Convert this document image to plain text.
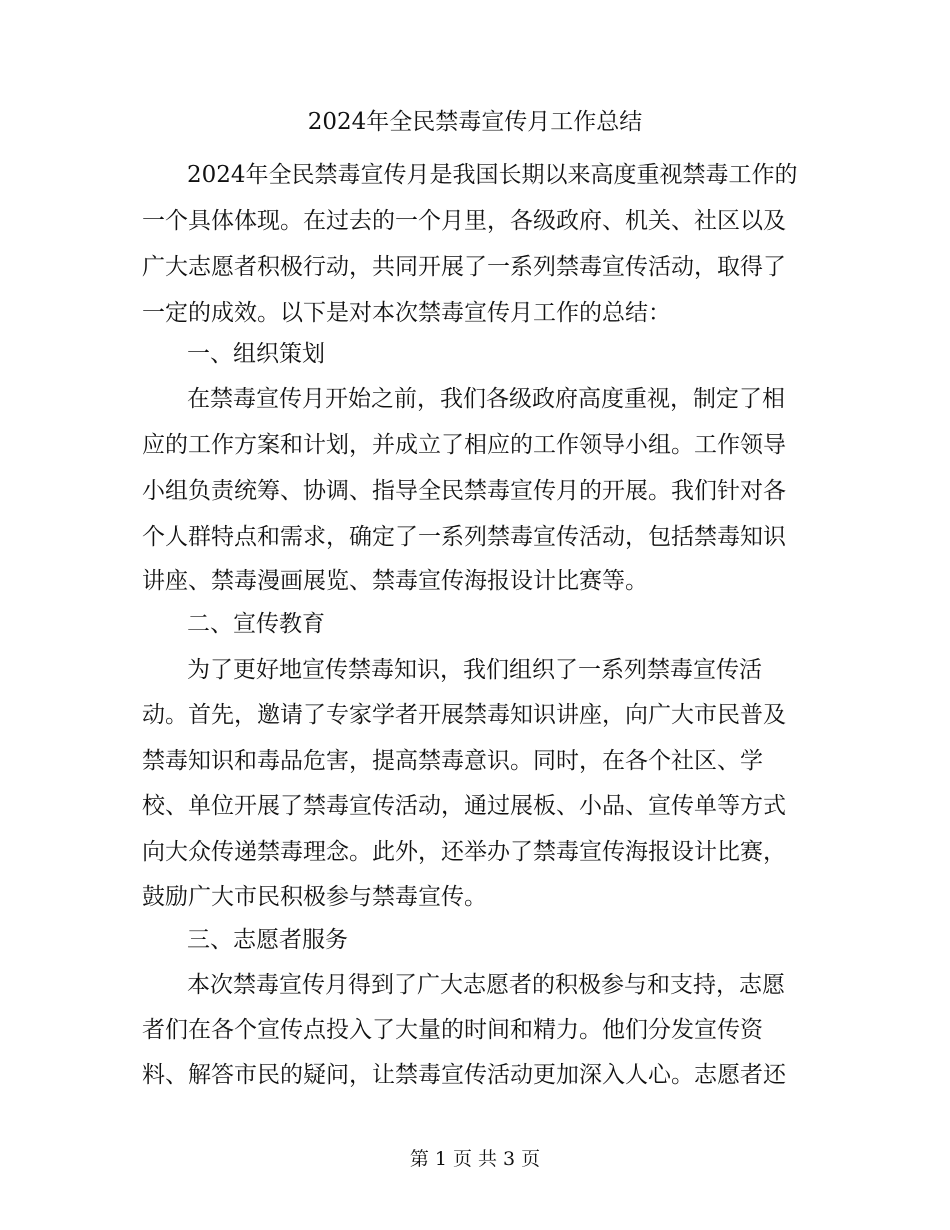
2024年全民禁毒宣传月工作总结

2024年全民禁毒宣传月是我国长期以来高度重视禁毒工作的

一个具体体现。在过去的一个月里，各级政府、机关、社区以及

广大志愿者积极行动，共同开展了一系列禁毒宣传活动，取得了

一定的成效。以下是对本次禁毒宣传月工作的总结：

一、组织策划

在禁毒宣传月开始之前，我们各级政府高度重视，制定了相

应的工作方案和计划，并成立了相应的工作领导小组。工作领导

小组负责统筹、协调、指导全民禁毒宣传月的开展。我们针对各

个人群特点和需求，确定了一系列禁毒宣传活动，包括禁毒知识

讲座、禁毒漫画展览、禁毒宣传海报设计比赛等。

二、宣传教育

为了更好地宣传禁毒知识，我们组织了一系列禁毒宣传活

动。首先，邀请了专家学者开展禁毒知识讲座，向广大市民普及

禁毒知识和毒品危害，提高禁毒意识。同时，在各个社区、学

校、单位开展了禁毒宣传活动，通过展板、小品、宣传单等方式

向大众传递禁毒理念。此外，还举办了禁毒宣传海报设计比赛，

鼓励广大市民积极参与禁毒宣传。

三、志愿者服务

本次禁毒宣传月得到了广大志愿者的积极参与和支持，志愿

者们在各个宣传点投入了大量的时间和精力。他们分发宣传资

料、解答市民的疑问，让禁毒宣传活动更加深入人心。志愿者还

第 1 页 共 3 页
